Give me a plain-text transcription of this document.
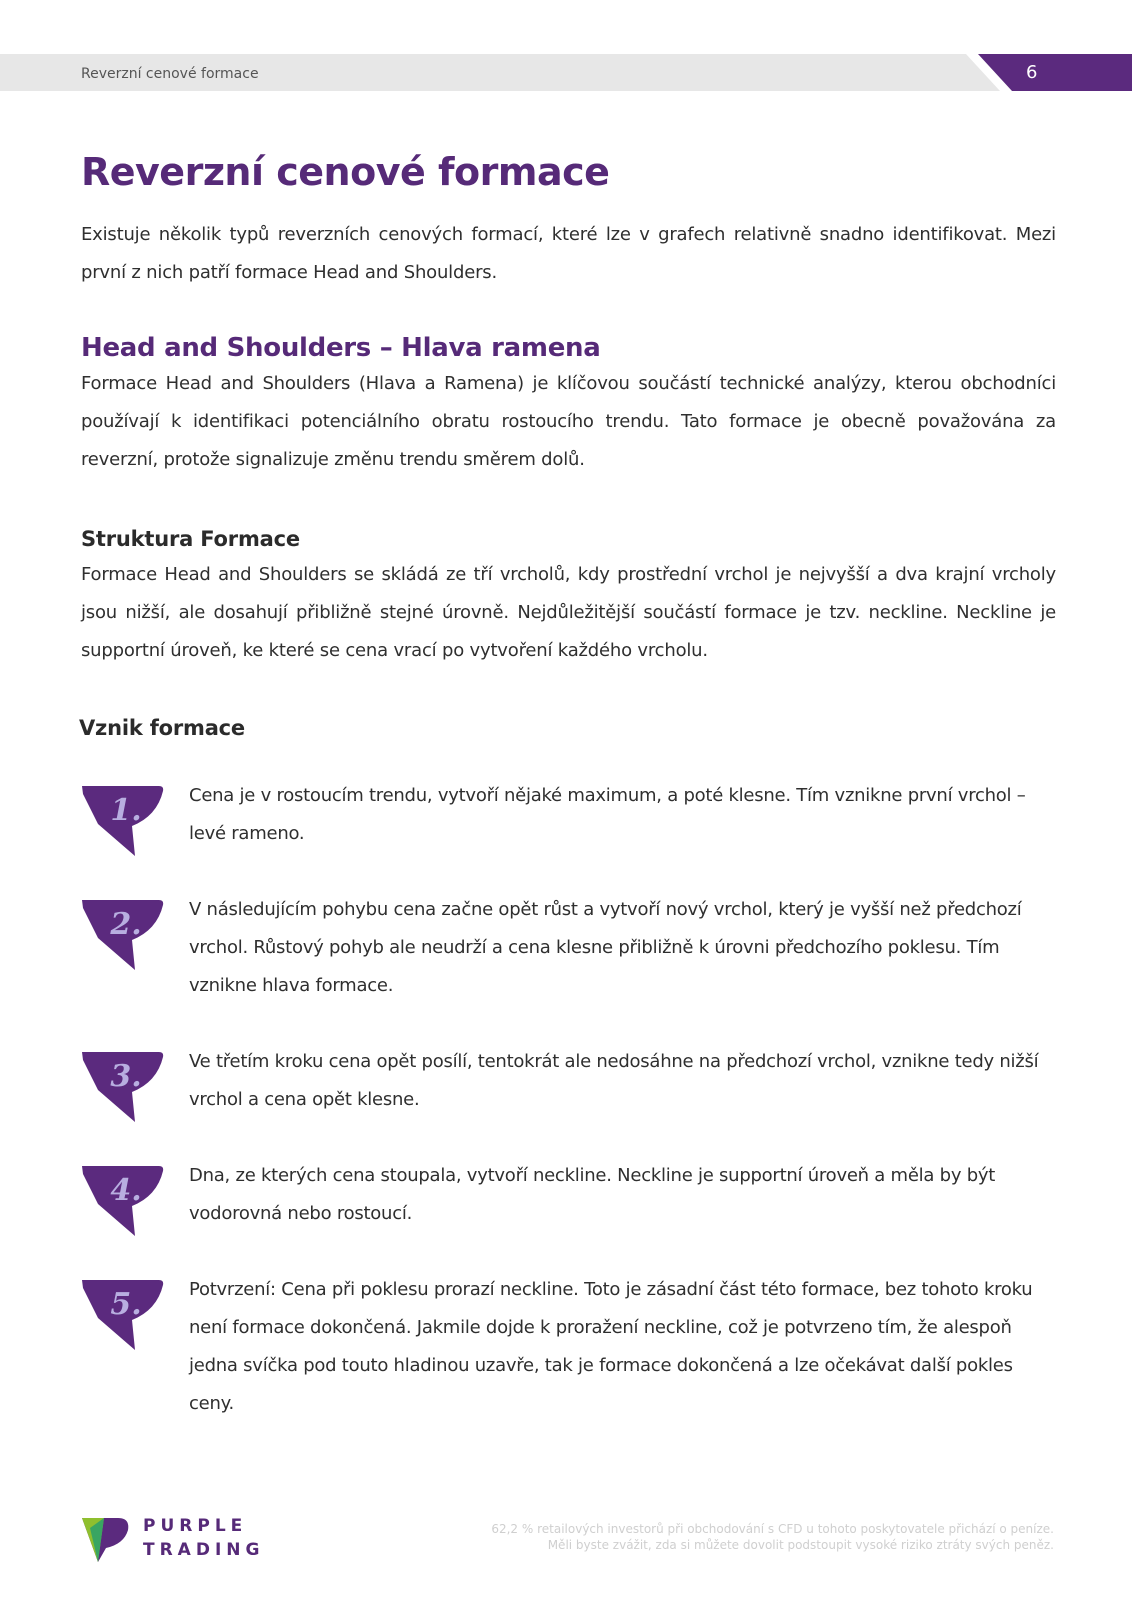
Reverzní cenové formace	6
Reverzní cenové formace

Existuje několik typů reverzních cenových formací, které lze v grafech relativně snadno identifikovat. Mezi první z nich patří formace Head and Shoulders.

Head and Shoulders – Hlava ramena

Formace Head and Shoulders (Hlava a Ramena) je klíčovou součástí technické analýzy, kterou obchodníci používají k identifikaci potenciálního obratu rostoucího trendu. Tato formace je obecně považována za reverzní, protože signalizuje změnu trendu směrem dolů.

Struktura Formace

Formace Head and Shoulders se skládá ze tří vrcholů, kdy prostřední vrchol je nejvyšší a dva krajní vrcholy jsou nižší, ale dosahují přibližně stejné úrovně. Nejdůležitější součástí formace je tzv. neckline. Neckline je supportní úroveň, ke které se cena vrací po vytvoření každého vrcholu.

Vznik formace
1.	Cena je v rostoucím trendu, vytvoří nějaké maximum, a poté klesne. Tím vznikne první vrchol – levé rameno.

2.	V následujícím pohybu cena začne opět růst a vytvoří nový vrchol, který je vyšší než předchozí vrchol. Růstový pohyb ale neudrží a cena klesne přibližně k úrovni předchozího poklesu. Tím vznikne hlava formace.

3.	Ve třetím kroku cena opět posílí, tentokrát ale nedosáhne na předchozí vrchol, vznikne tedy nižší vrchol a cena opět klesne.

4.	Dna, ze kterých cena stoupala, vytvoří neckline. Neckline je supportní úroveň a měla by být vodorovná nebo rostoucí.

5.	Potvrzení: Cena při poklesu prorazí neckline. Toto je zásadní část této formace, bez tohoto kroku není formace dokončená. Jakmile dojde k proražení neckline, což je potvrzeno tím, že alespoň jedna svíčka pod touto hladinou uzavře, tak je formace dokončená a lze očekávat další pokles ceny.

PURPLE
TRADING
62,2 % retailových investorů při obchodování s CFD u tohoto poskytovatele přichází o peníze.
Měli byste zvážit, zda si můžete dovolit podstoupit vysoké riziko ztráty svých peněz.
